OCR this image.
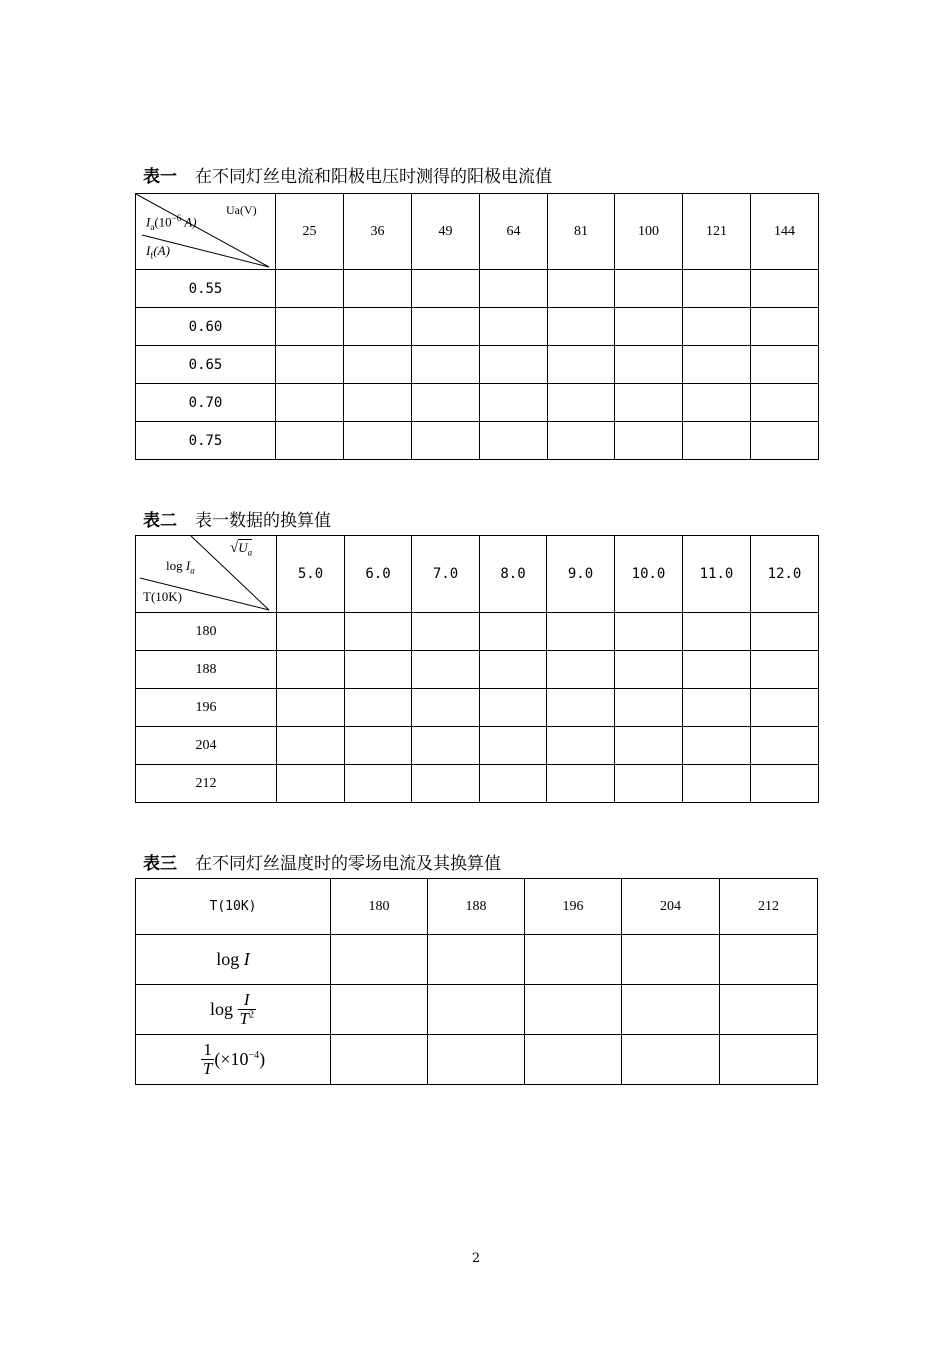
表一 在不同灯丝电流和阳极电压时测得的阳极电流值
Ua(V)
$I_a(10^{-6}$ A)
$I_f(A)$	25	36	49	64	81	100	121	144
0.55								
0.60								
0.65								
0.70								
0.75								
表二 表一数据的换算值
$√U_a$
$\log I_a$
T(10K)	5.0	6.0	7.0	8.0	9.0	10.0	11.0	12.0
180								
188								
196								
204								
212								
表三 在不同灯丝温度时的零场电流及其换算值
T(10K)	180	188	196	204	212
log I					
$\log \frac{I}{T^2}$

$\frac{1}{T} (\times 10^{-4})$					
2
